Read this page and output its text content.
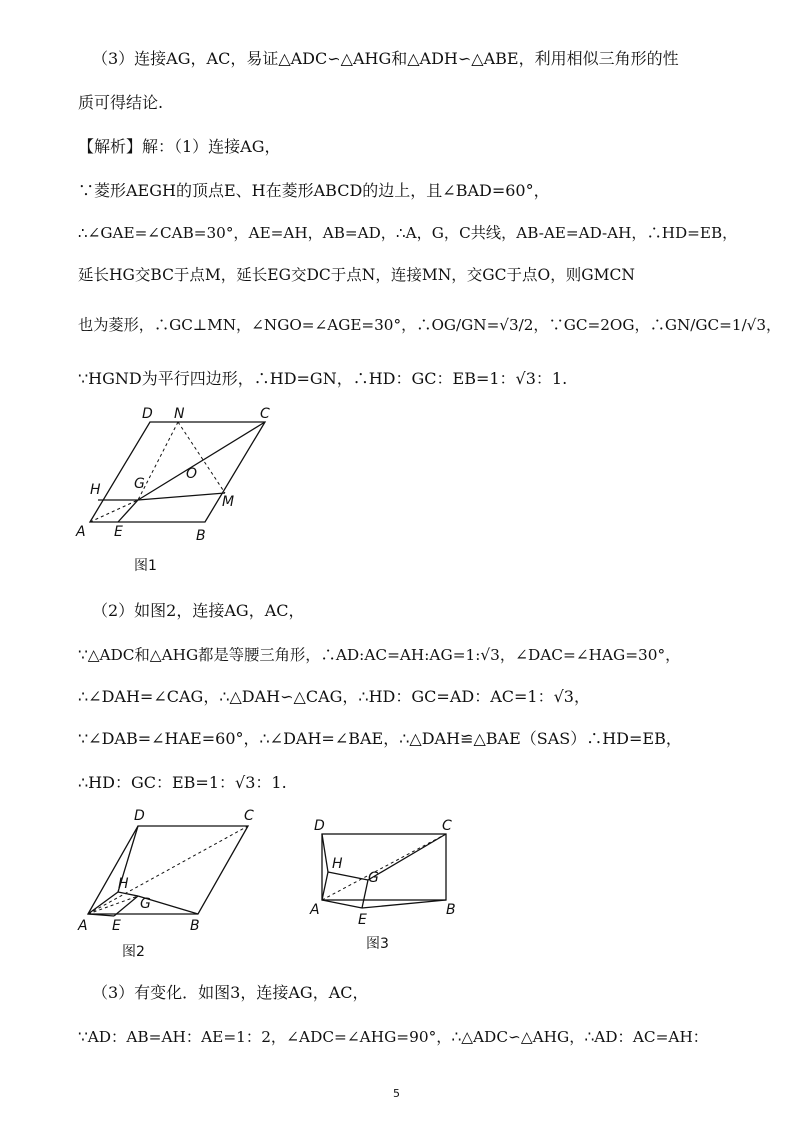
（3）连接AG，AC，易证△ADC∽△AHG和△ADH∽△ABE，利用相似三角形的性
质可得结论.
【解析】解：（1）连接AG，
∵菱形AEGH的顶点E、H在菱形ABCD的边上，且∠BAD=60°，
∴∠GAE=∠CAB=30°，AE=AH，AB=AD，∴A，G，C共线，AB-AE=AD-AH，∴HD=EB，
延长HG交BC于点M，延长EG交DC于点N，连接MN，交GC于点O，则GMCN
也为菱形，∴GC⊥MN，∠NGO=∠AGE=30°，∴OG/GN=√3/2，∵GC=2OG，∴GN/GC=1/√3，
∵HGND为平行四边形，∴HD=GN，∴HD：GC：EB=1：√3：1.
D N	C
H G
O
M
A E	B
图1
（2）如图2，连接AG，AC，
∵△ADC和△AHG都是等腰三角形，∴AD:AC=AH:AG=1:√3，∠DAC=∠HAG=30°，
∴∠DAH=∠CAG，∴△DAH∽△CAG，∴HD：GC=AD：AC=1：√3，
∵∠DAB=∠HAE=60°，∴∠DAH=∠BAE，∴△DAH≌△BAE（SAS）∴HD=EB，
∴HD：GC：EB=1：√3：1.
D	C
H
G
A E	B
图2
D	C
H
G
A
E
B
图3
（3）有变化．如图3，连接AG，AC，
∵AD：AB=AH：AE=1：2，∠ADC=∠AHG=90°，∴△ADC∽△AHG，∴AD：AC=AH：
5
